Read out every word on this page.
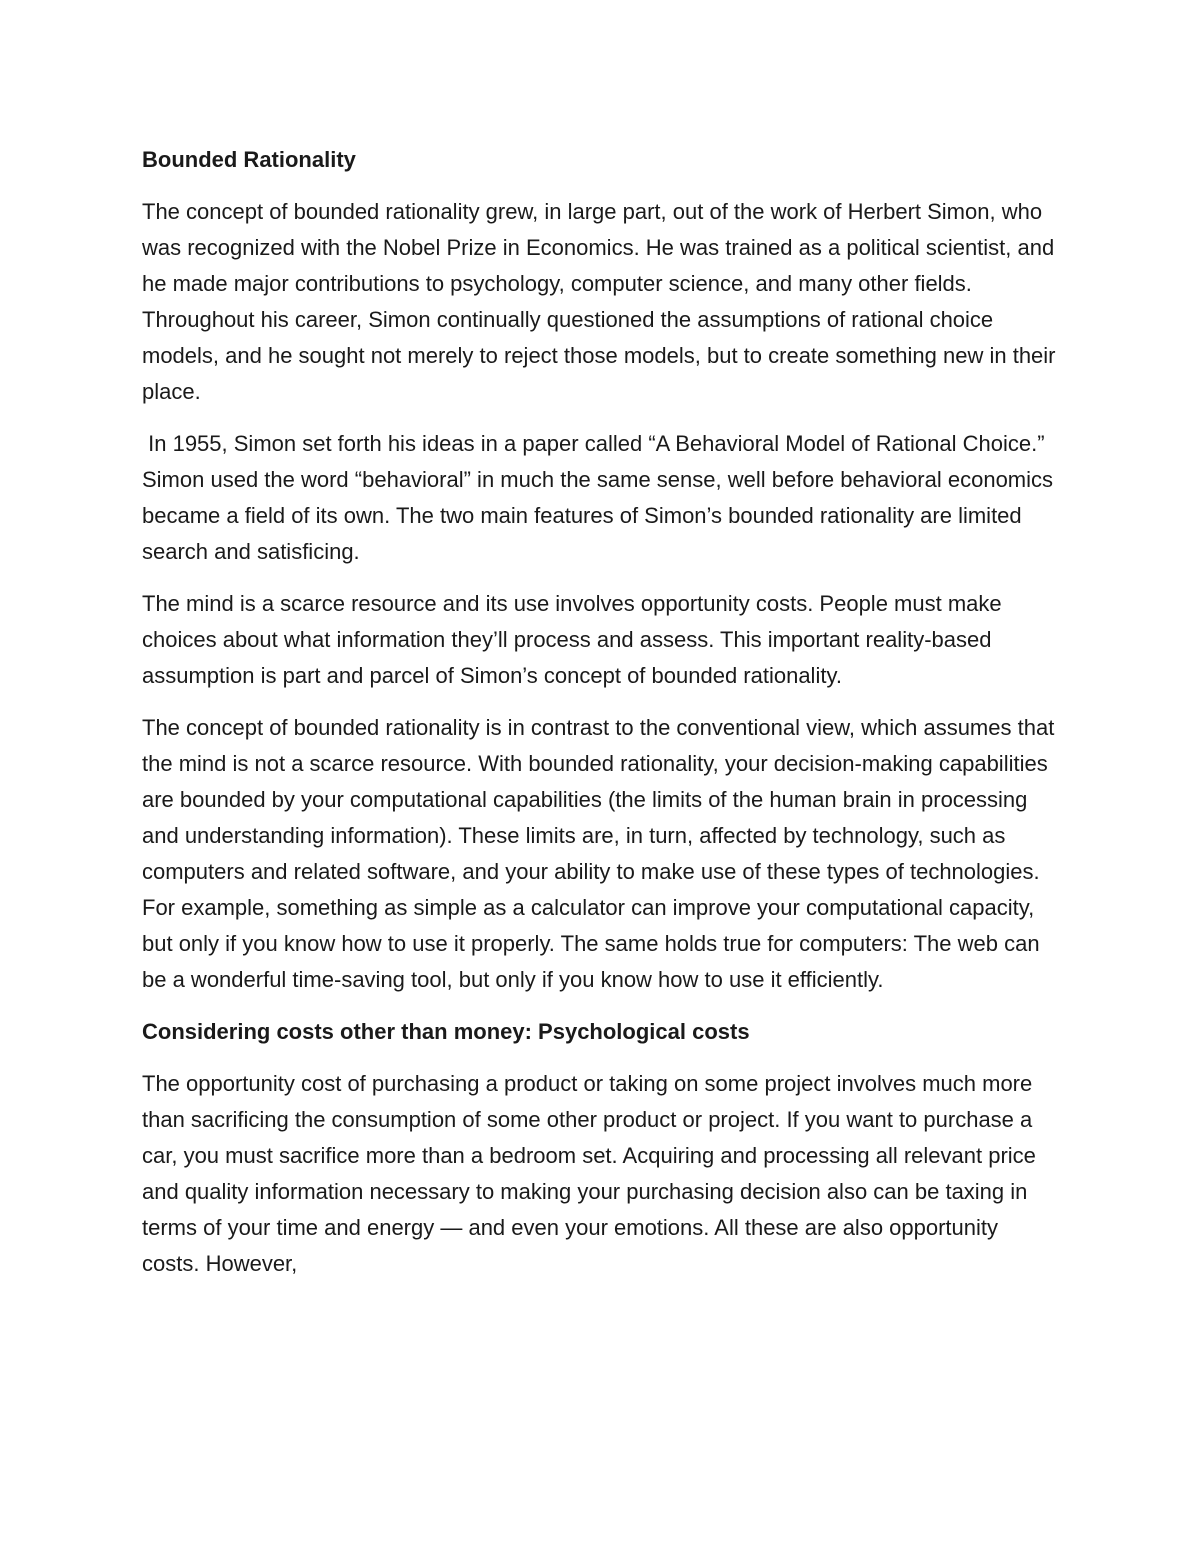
Bounded Rationality

The concept of bounded rationality grew, in large part, out of the work of Herbert Simon, who was recognized with the Nobel Prize in Economics. He was trained as a political scientist, and he made major contributions to psychology, computer science, and many other fields. Throughout his career, Simon continually questioned the assumptions of rational choice models, and he sought not merely to reject those models, but to create something new in their place.

In 1955, Simon set forth his ideas in a paper called “A Behavioral Model of Rational Choice.” Simon used the word “behavioral” in much the same sense, well before behavioral economics became a field of its own. The two main features of Simon’s bounded rationality are limited search and satisficing.

The mind is a scarce resource and its use involves opportunity costs. People must make choices about what information they’ll process and assess. This important reality-based assumption is part and parcel of Simon’s concept of bounded rationality.

The concept of bounded rationality is in contrast to the conventional view, which assumes that the mind is not a scarce resource. With bounded rationality, your decision-making capabilities are bounded by your computational capabilities (the limits of the human brain in processing and understanding information). These limits are, in turn, affected by technology, such as computers and related software, and your ability to make use of these types of technologies. For example, something as simple as a calculator can improve your computational capacity, but only if you know how to use it properly. The same holds true for computers: The web can be a wonderful time-saving tool, but only if you know how to use it efficiently.

Considering costs other than money: Psychological costs

The opportunity cost of purchasing a product or taking on some project involves much more than sacrificing the consumption of some other product or project. If you want to purchase a car, you must sacrifice more than a bedroom set. Acquiring and processing all relevant price and quality information necessary to making your purchasing decision also can be taxing in terms of your time and energy — and even your emotions. All these are also opportunity costs. However,
